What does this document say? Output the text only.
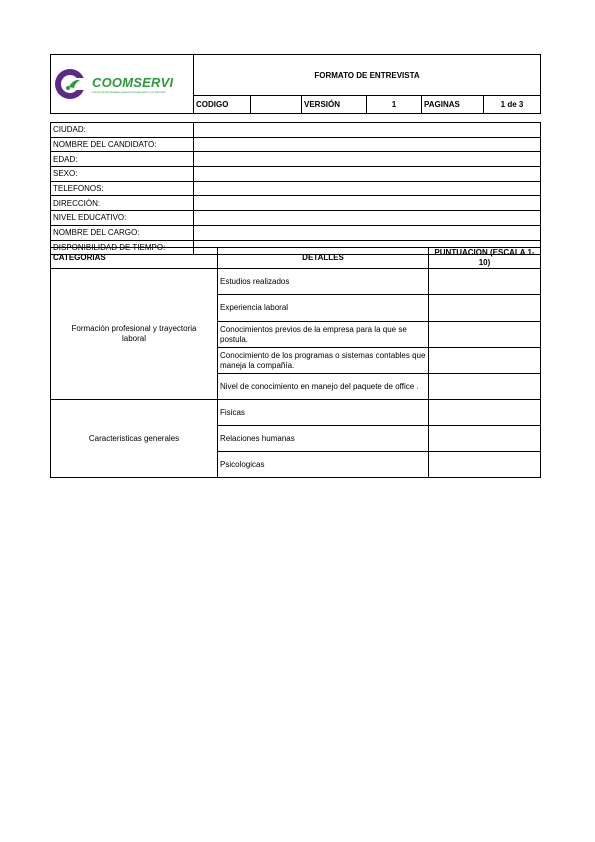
COOMSERVI
Fondo de Empleados para la Cooperación y el Servicio	FORMATO DE ENTREVISTA					
	CODIGO		VERSIÓN	1	PAGINAS	1 de 3
CIUDAD:	
NOMBRE DEL CANDIDATO:	
EDAD:	
SEXO:	
TELEFONOS:	
DIRECCIÓN:	
NIVEL EDUCATIVO:	
NOMBRE DEL CARGO:	
DISPONIBILIDAD DE TIEMPO:	
CATEGORIAS	DETALLES	PUNTUACION (ESCALA 1-10)
Formación profesional y trayectoria laboral	Estudios realizados	
	Experiencia laboral	
	Conocimientos previos de la empresa para la que se postula.	
	Conocimiento de los programas o sistemas contables que maneja la compañía.	
	Nivel de conocimiento en manejo del paquete de office .	
Caracteristicas generales	Fisicas	
	Relaciones humanas	
	Psicologicas	
